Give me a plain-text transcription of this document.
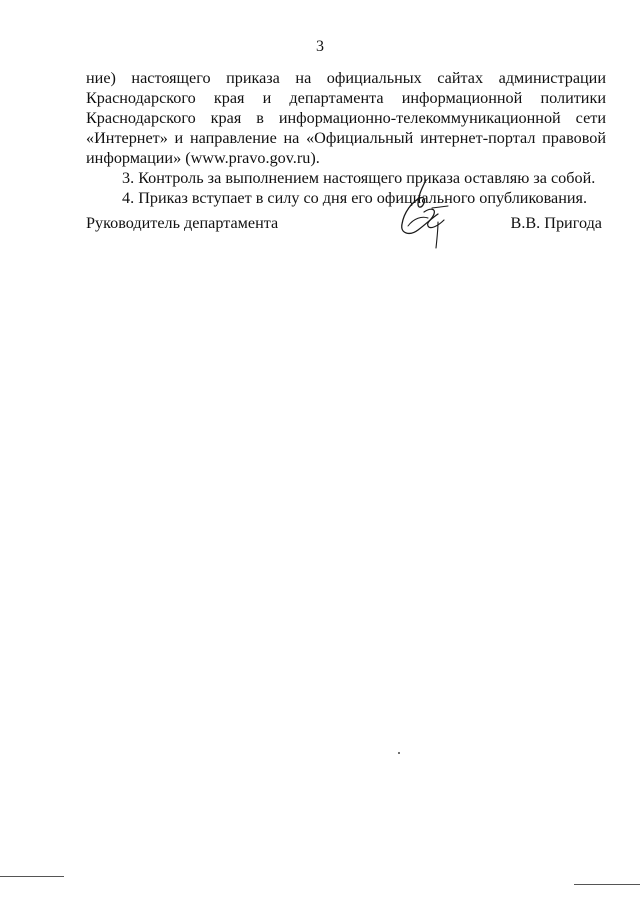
3

ние) настоящего приказа на официальных сайтах администрации Краснодарского края и департамента информационной политики Краснодарского края в информационно-телекоммуникационной сети «Интернет» и направление на «Официальный интернет-портал правовой информации» (www.pravo.gov.ru).

3. Контроль за выполнением настоящего приказа оставляю за собой.

4. Приказ вступает в силу со дня его официального опубликования.

Руководитель департамента	В.В. Пригода
